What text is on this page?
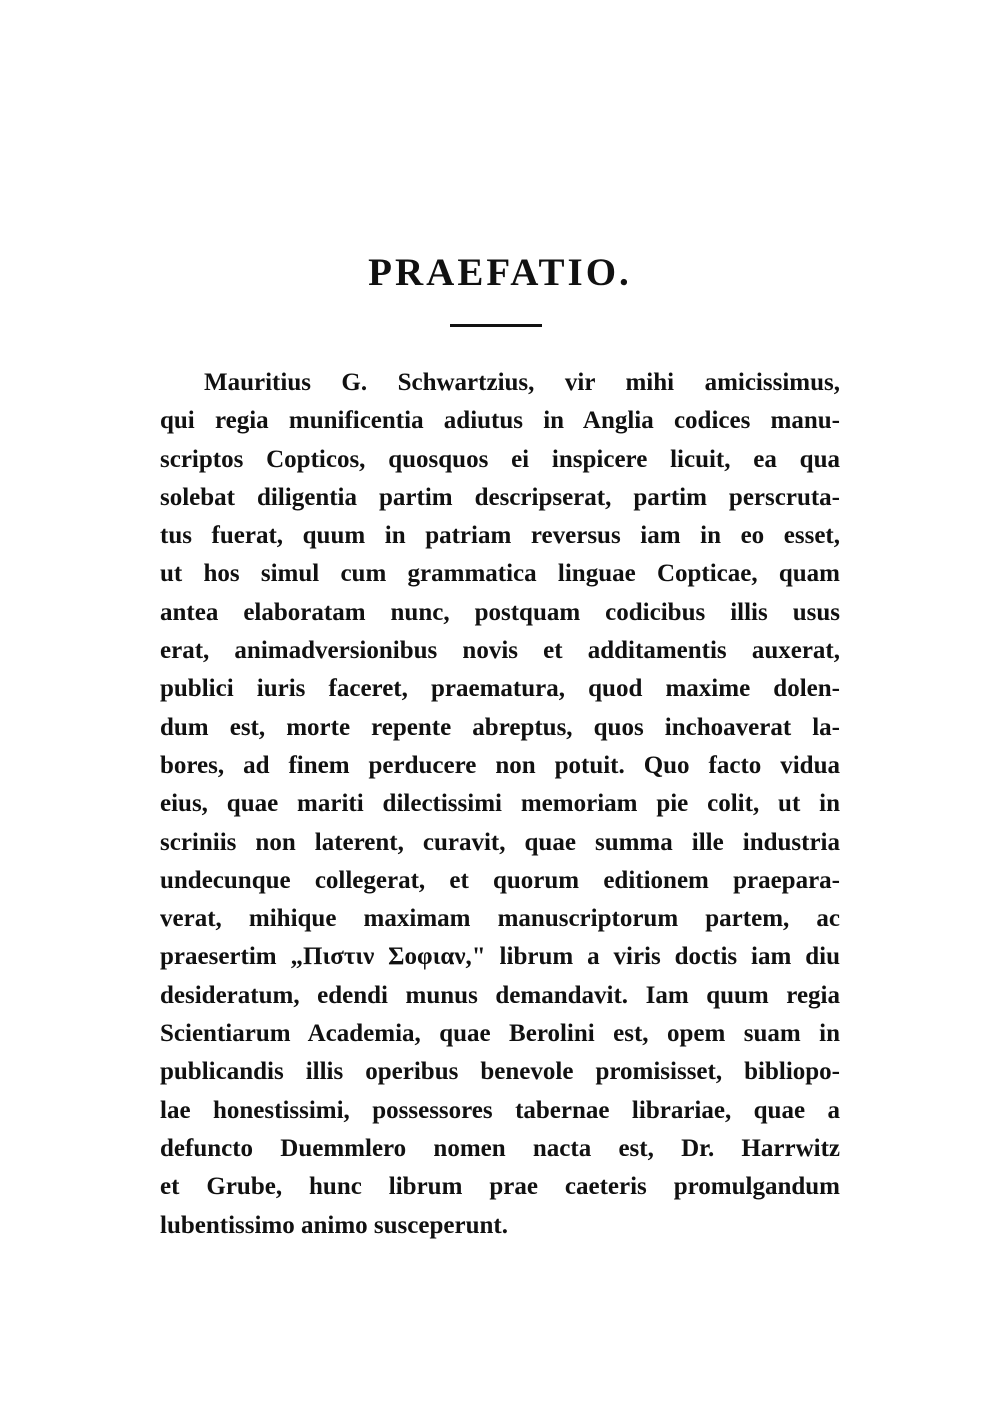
PRAEFATIO.
Mauritius G. Schwartzius, vir mihi amicissimus,
qui regia munificentia adiutus in Anglia codices manu-
scriptos Copticos, quosquos ei inspicere licuit, ea qua
solebat diligentia partim descripserat, partim perscruta-
tus fuerat, quum in patriam reversus iam in eo esset,
ut hos simul cum grammatica linguae Copticae, quam
antea elaboratam nunc, postquam codicibus illis usus
erat, animadversionibus novis et additamentis auxerat,
publici iuris faceret, praematura, quod maxime dolen-
dum est, morte repente abreptus, quos inchoaverat la-
bores, ad finem perducere non potuit. Quo facto vidua
eius, quae mariti dilectissimi memoriam pie colit, ut in
scriniis non laterent, curavit, quae summa ille industria
undecunque collegerat, et quorum editionem praepara-
verat, mihique maximam manuscriptorum partem, ac
praesertim „Πιστιν Σοφιαν," librum a viris doctis iam diu
desideratum, edendi munus demandavit. Iam quum regia
Scientiarum Academia, quae Berolini est, opem suam in
publicandis illis operibus benevole promisisset, bibliopo-
lae honestissimi, possessores tabernae librariae, quae a
defuncto Duemmlero nomen nacta est, Dr. Harrwitz
et Grube, hunc librum prae caeteris promulgandum
lubentissimo animo susceperunt.
